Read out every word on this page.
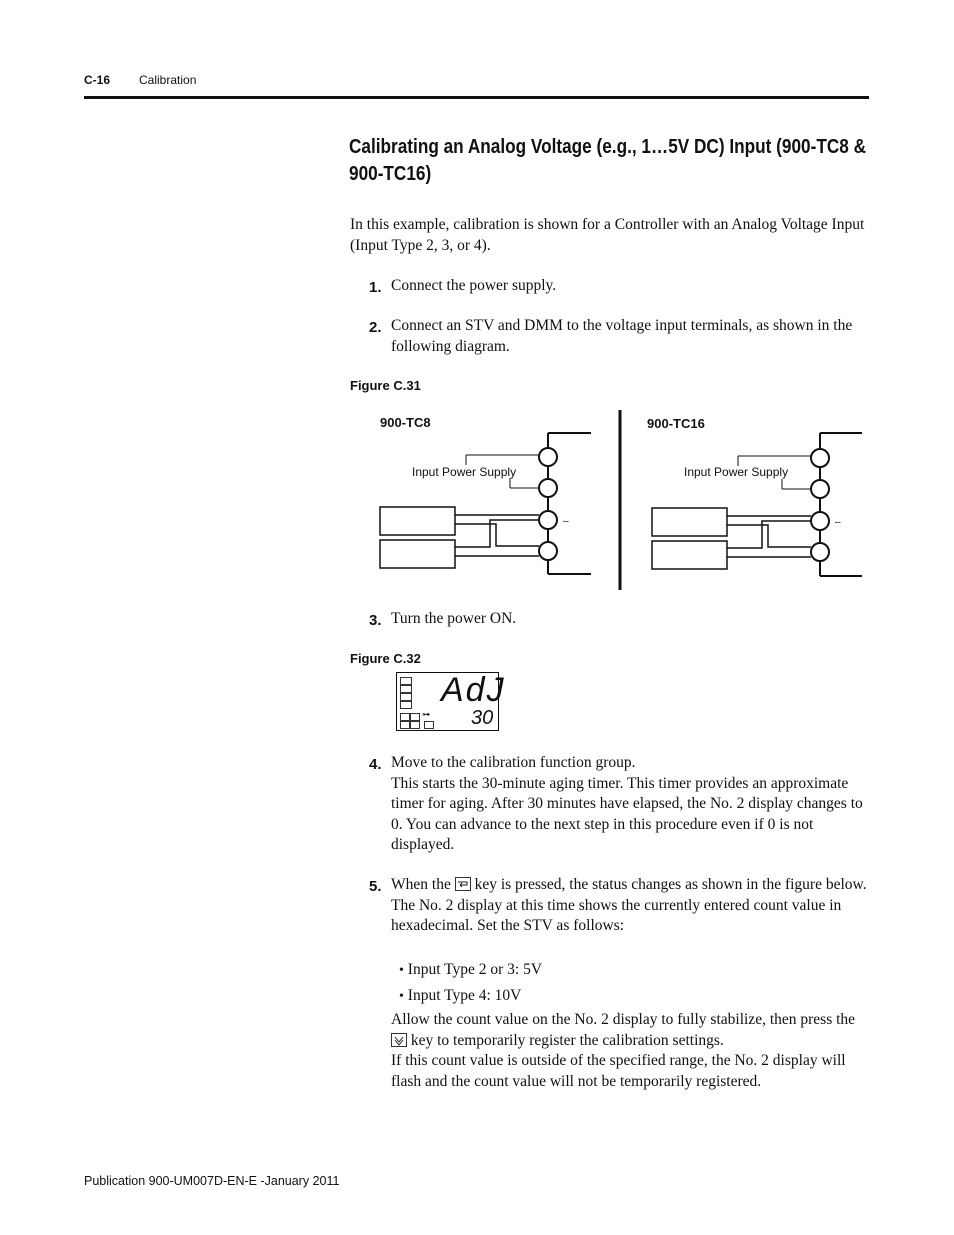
C-16 Calibration
Calibrating an Analog Voltage (e.g., 1…5V DC) Input (900-TC8 & 900-TC16)
In this example, calibration is shown for a Controller with an Analog Voltage Input (Input Type 2, 3, or 4).
1. Connect the power supply.
2. Connect an STV and DMM to the voltage input terminals, as shown in the following diagram.
Figure C.31
900-TC8
Input Power Supply
–
900-TC16
Input Power Supply
–
3. Turn the power ON.
Figure C.32
⊶
AdJ
30
4. Move to the calibration function group.
This starts the 30-minute aging timer. This timer provides an approximate timer for aging. After 30 minutes have elapsed, the No. 2 display changes to 0. You can advance to the next step in this procedure even if 0 is not displayed.
5. When the key is pressed, the status changes as shown in the figure below.
The No. 2 display at this time shows the currently entered count value in hexadecimal. Set the STV as follows:
• Input Type 2 or 3: 5V
• Input Type 4: 10V
Allow the count value on the No. 2 display to fully stabilize, then press the
key to temporarily register the calibration settings.
If this count value is outside of the specified range, the No. 2 display will flash and the count value will not be temporarily registered.
Publication 900-UM007D-EN-E -January 2011
